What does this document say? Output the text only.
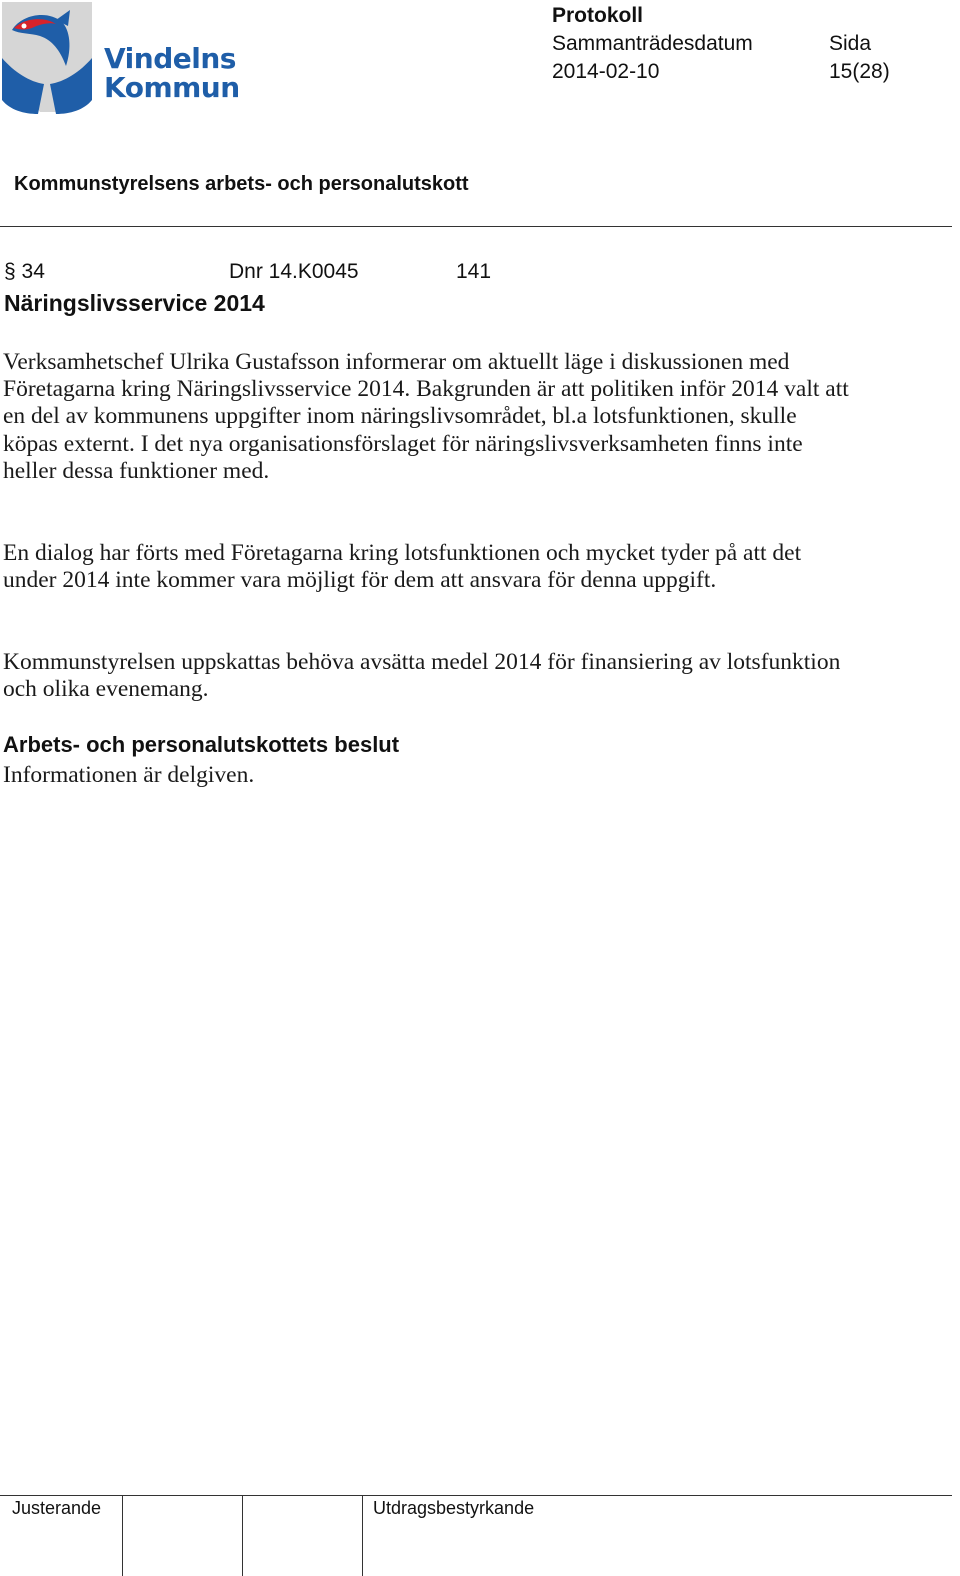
Vindelns
Kommun
Protokoll
Sammanträdesdatum
2014-02-10
Sida
15(28)
Kommunstyrelsens arbets- och personalutskott
§ 34	Dnr 14.K0045	141
Näringslivsservice 2014
Verksamhetschef Ulrika Gustafsson informerar om aktuellt läge i diskussionen med Företagarna kring Näringslivsservice 2014. Bakgrunden är att politiken inför 2014 valt att en del av kommunens uppgifter inom näringslivsområdet, bl.a lotsfunktionen, skulle köpas externt. I det nya organisationsförslaget för näringslivsverksamheten finns inte heller dessa funktioner med.
En dialog har förts med Företagarna kring lotsfunktionen och mycket tyder på att det under 2014 inte kommer vara möjligt för dem att ansvara för denna uppgift.
Kommunstyrelsen uppskattas behöva avsätta medel 2014 för finansiering av lotsfunktion och olika evenemang.
Arbets- och personalutskottets beslut
Informationen är delgiven.
Justerande	Utdragsbestyrkande
